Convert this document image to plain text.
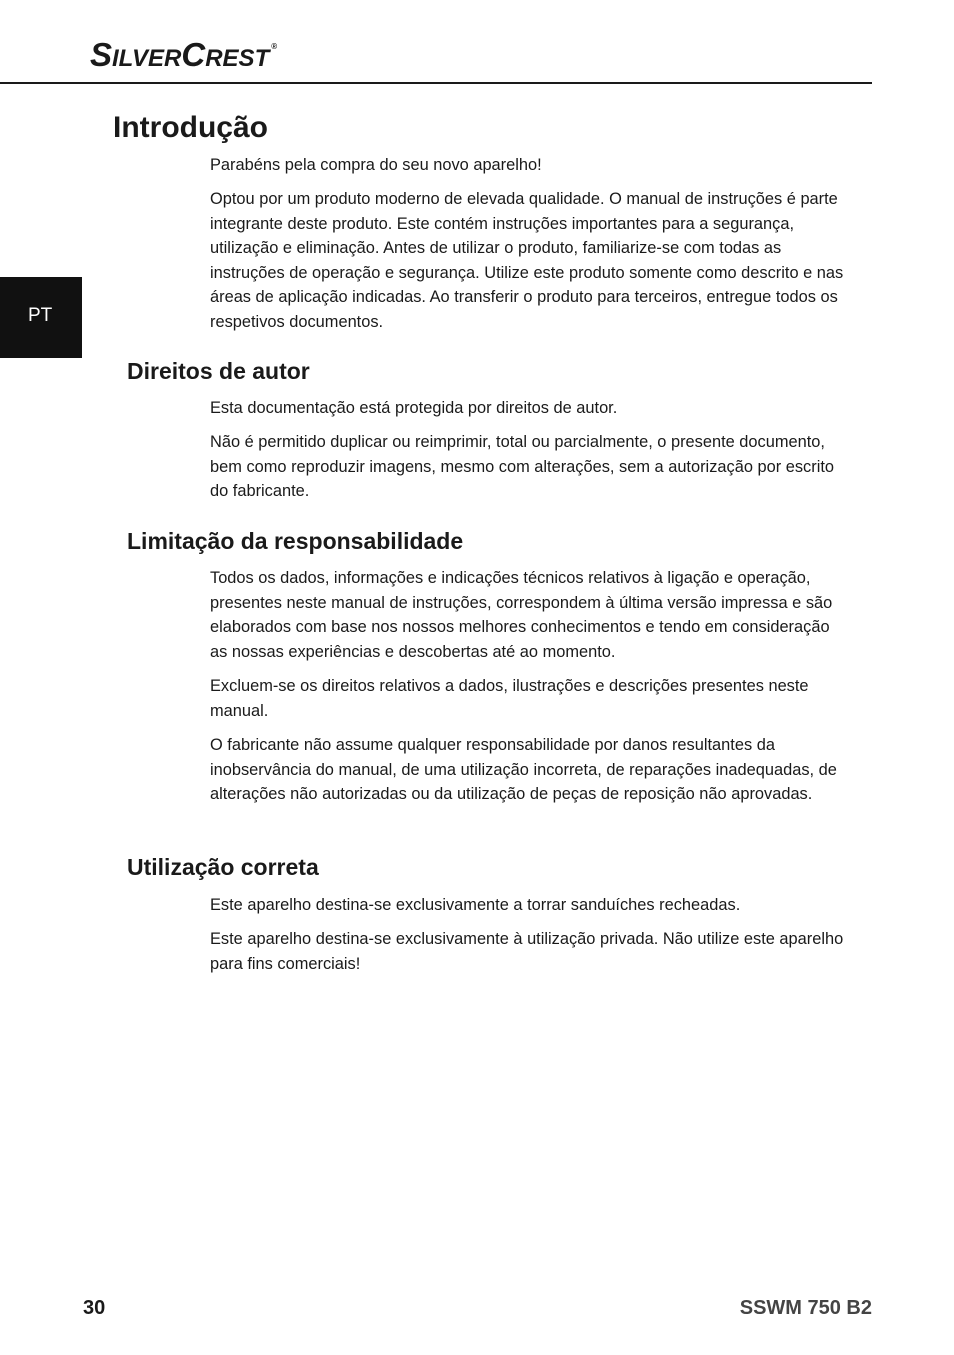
SILVERCREST ®
Introdução
PT

Parabéns pela compra do seu novo aparelho!

Optou por um produto moderno de elevada qualidade. O manual de instruções é parte integrante deste produto. Este contém instruções importantes para a segurança, utilização e eliminação. Antes de utilizar o produto, familiarize-se com todas as instruções de operação e segurança. Utilize este produto somente como descrito e nas áreas de aplicação indicadas. Ao transferir o produto para terceiros, entregue todos os respetivos documentos.

Direitos de autor

Esta documentação está protegida por direitos de autor.

Não é permitido duplicar ou reimprimir, total ou parcialmente, o presente documento, bem como reproduzir imagens, mesmo com alterações, sem a autorização por escrito do fabricante.

Limitação da responsabilidade

Todos os dados, informações e indicações técnicos relativos à ligação e operação, presentes neste manual de instruções, correspondem à última versão impressa e são elaborados com base nos nossos melhores conhecimentos e tendo em consideração as nossas experiências e descobertas até ao momento.

Excluem-se os direitos relativos a dados, ilustrações e descrições presentes neste manual.

O fabricante não assume qualquer responsabilidade por danos resultantes da inobservância do manual, de uma utilização incorreta, de reparações inadequadas, de alterações não autorizadas ou da utilização de peças de reposição não aprovadas.

Utilização correta

Este aparelho destina-se exclusivamente a torrar sanduíches recheadas.

Este aparelho destina-se exclusivamente à utilização privada. Não utilize este aparelho para fins comerciais!

30	SSWM 750 B2
